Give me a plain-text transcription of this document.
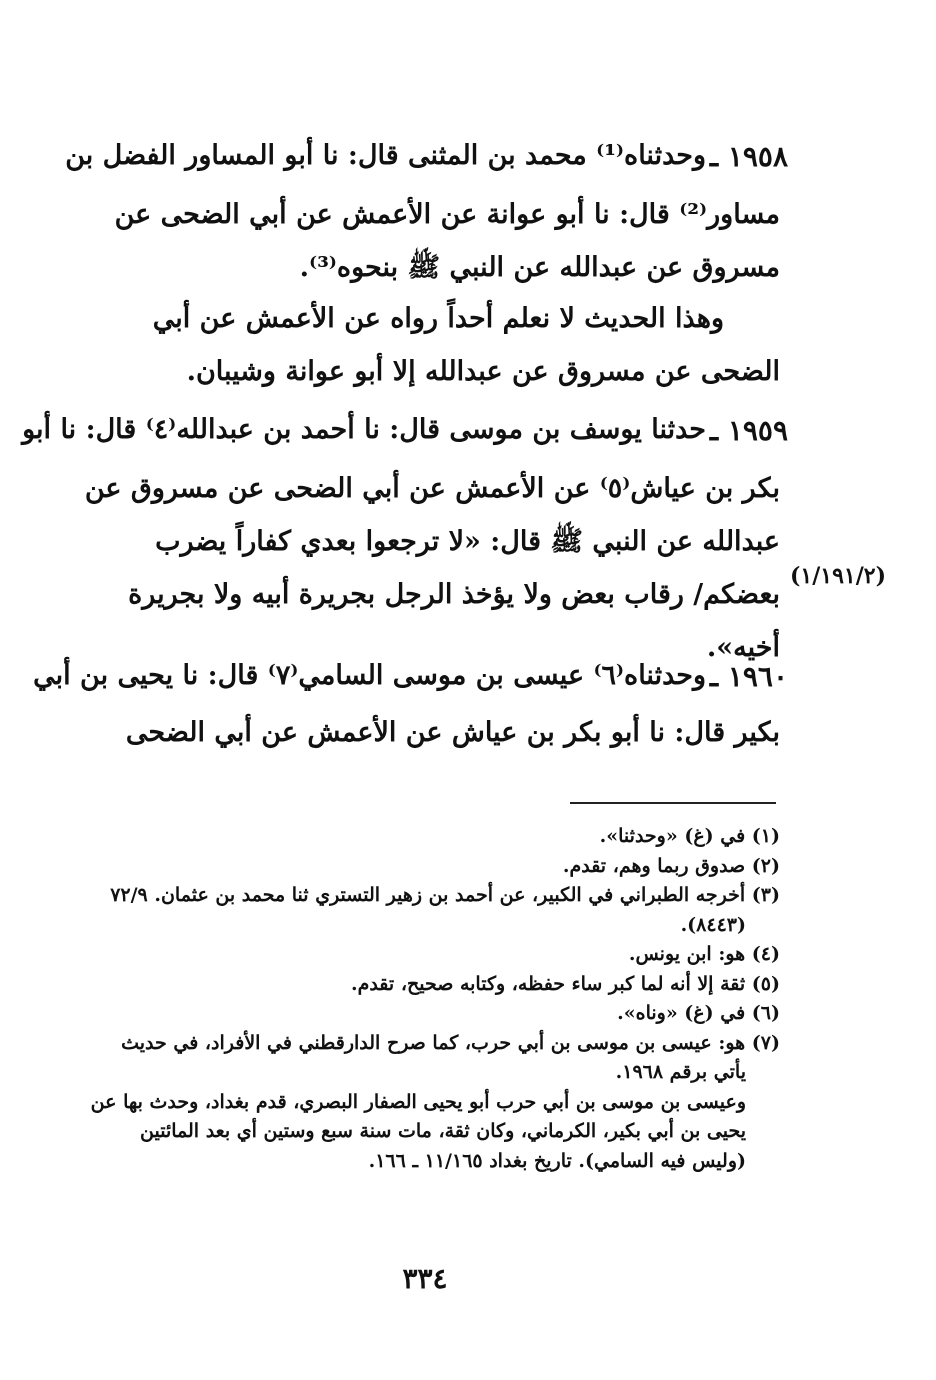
١٩٥٨ ـ
وحدثناه⁽¹⁾ محمد بن المثنى قال: نا أبو المساور الفضل بن
مساور⁽²⁾ قال: نا أبو عوانة عن الأعمش عن أبي الضحى عن
مسروق عن عبدالله عن النبي ﷺ بنحوه⁽³⁾.
وهذا الحديث لا نعلم أحداً رواه عن الأعمش عن أبي
الضحى عن مسروق عن عبدالله إلا أبو عوانة وشيبان.
١٩٥٩ ـ
حدثنا يوسف بن موسى قال: نا أحمد بن عبدالله⁽٤⁾ قال: نا أبو
بكر بن عياش⁽٥⁾ عن الأعمش عن أبي الضحى عن مسروق عن
عبدالله عن النبي ﷺ قال: «لا ترجعوا بعدي كفاراً يضرب
بعضكم/ رقاب بعض ولا يؤخذ الرجل بجريرة أبيه ولا بجريرة
أخيه».
(١/١٩١/٢)
١٩٦٠ ـ
وحدثناه⁽٦⁾ عيسى بن موسى السامي⁽٧⁾ قال: نا يحيى بن أبي
بكير قال: نا أبو بكر بن عياش عن الأعمش عن أبي الضحى
(١) في (غ) «وحدثنا».
(٢) صدوق ربما وهم، تقدم.
(٣) أخرجه الطبراني في الكبير، عن أحمد بن زهير التستري ثنا محمد بن عثمان. ٧٢/٩
(٨٤٤٣).
(٤) هو: ابن يونس.
(٥) ثقة إلا أنه لما كبر ساء حفظه، وكتابه صحيح، تقدم.
(٦) في (غ) «وناه».
(٧) هو: عيسى بن موسى بن أبي حرب، كما صرح الدارقطني في الأفراد، في حديث
يأتي برقم ١٩٦٨.
وعيسى بن موسى بن أبي حرب أبو يحيى الصفار البصري، قدم بغداد، وحدث بها عن
يحيى بن أبي بكير، الكرماني، وكان ثقة، مات سنة سبع وستين أي بعد المائتين
(وليس فيه السامي). تاريخ بغداد ١١/١٦٥ ـ ١٦٦.
٣٣٤
